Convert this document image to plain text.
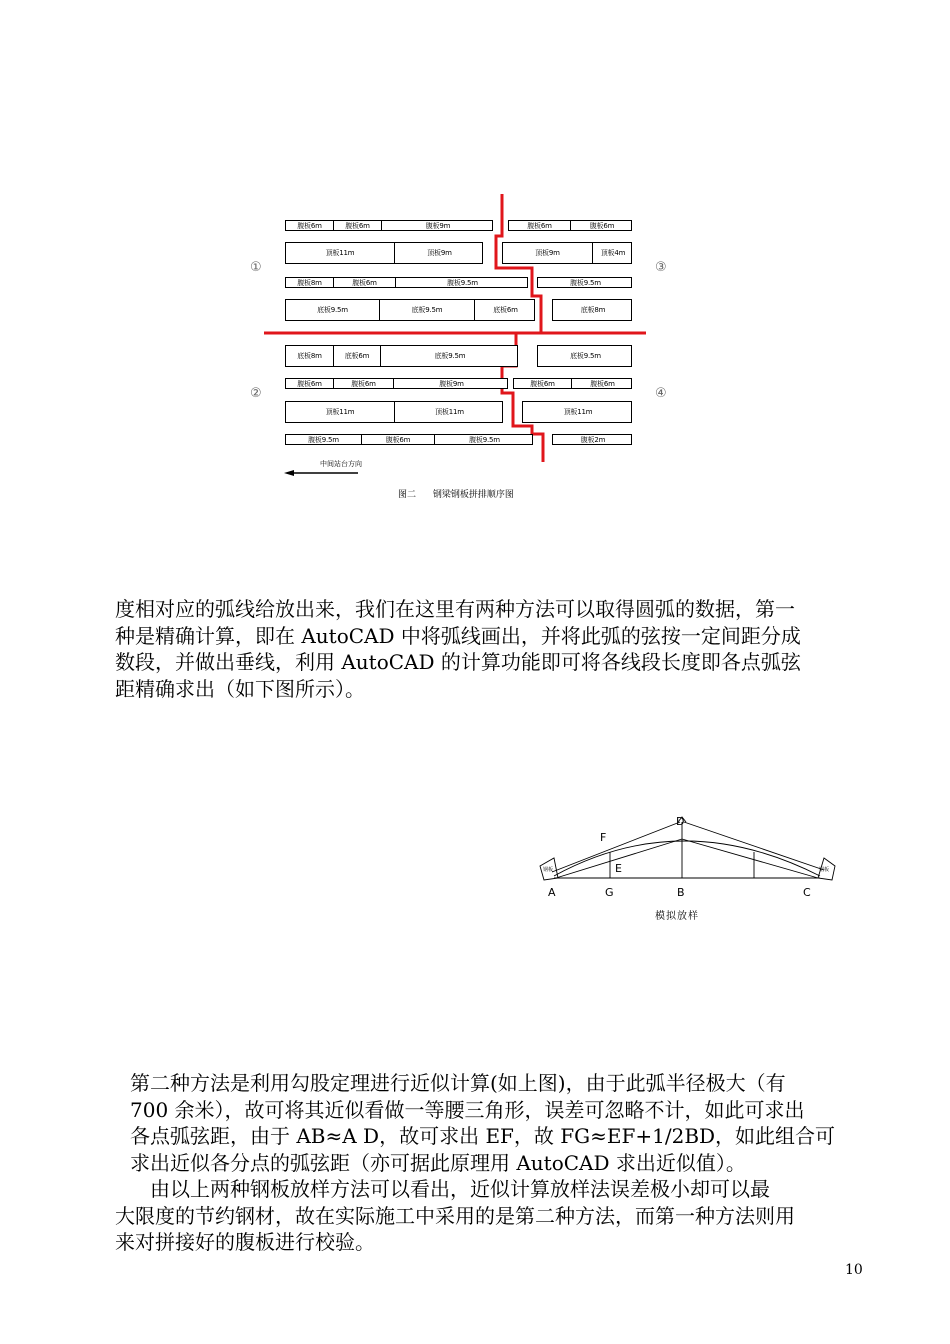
①
②
③
④
腹板6m	腹板6m	腹板9m	腹板6m	腹板6m
顶板11m	顶板9m	顶板9m	顶板4m
腹板8m	腹板6m	腹板9.5m	腹板9.5m
底板9.5m	底板9.5m	底板6m	底板8m
底板8m	底板6m	底板9.5m	底板9.5m
腹板6m	腹板6m	腹板9m	腹板6m	腹板6m
顶板11m	顶板11m	顶板11m
腹板9.5m	腹板6m	腹板9.5m	腹板2m
中间站台方向
图二 钢梁钢板拼排顺序图
度相对应的弧线给放出来，我们在这里有两种方法可以取得圆弧的数据，第一
种是精确计算，即在 AutoCAD 中将弧线画出，并将此弧的弦按一定间距分成
数段，并做出垂线，利用 AutoCAD 的计算功能即可将各线段长度即各点弧弦
距精确求出（如下图所示）。
A	G	B	C
D
E
F
钢板	钢板
模拟放样
第二种方法是利用勾股定理进行近似计算(如上图)，由于此弧半径极大（有
700 余米），故可将其近似看做一等腰三角形，误差可忽略不计，如此可求出
各点弧弦距，由于 AB≈A D，故可求出 EF，故 FG≈EF+1/2BD，如此组合可
求出近似各分点的弧弦距（亦可据此原理用 AutoCAD 求出近似值）。
由以上两种钢板放样方法可以看出，近似计算放样法误差极小却可以最
大限度的节约钢材，故在实际施工中采用的是第二种方法，而第一种方法则用
来对拼接好的腹板进行校验。
10
